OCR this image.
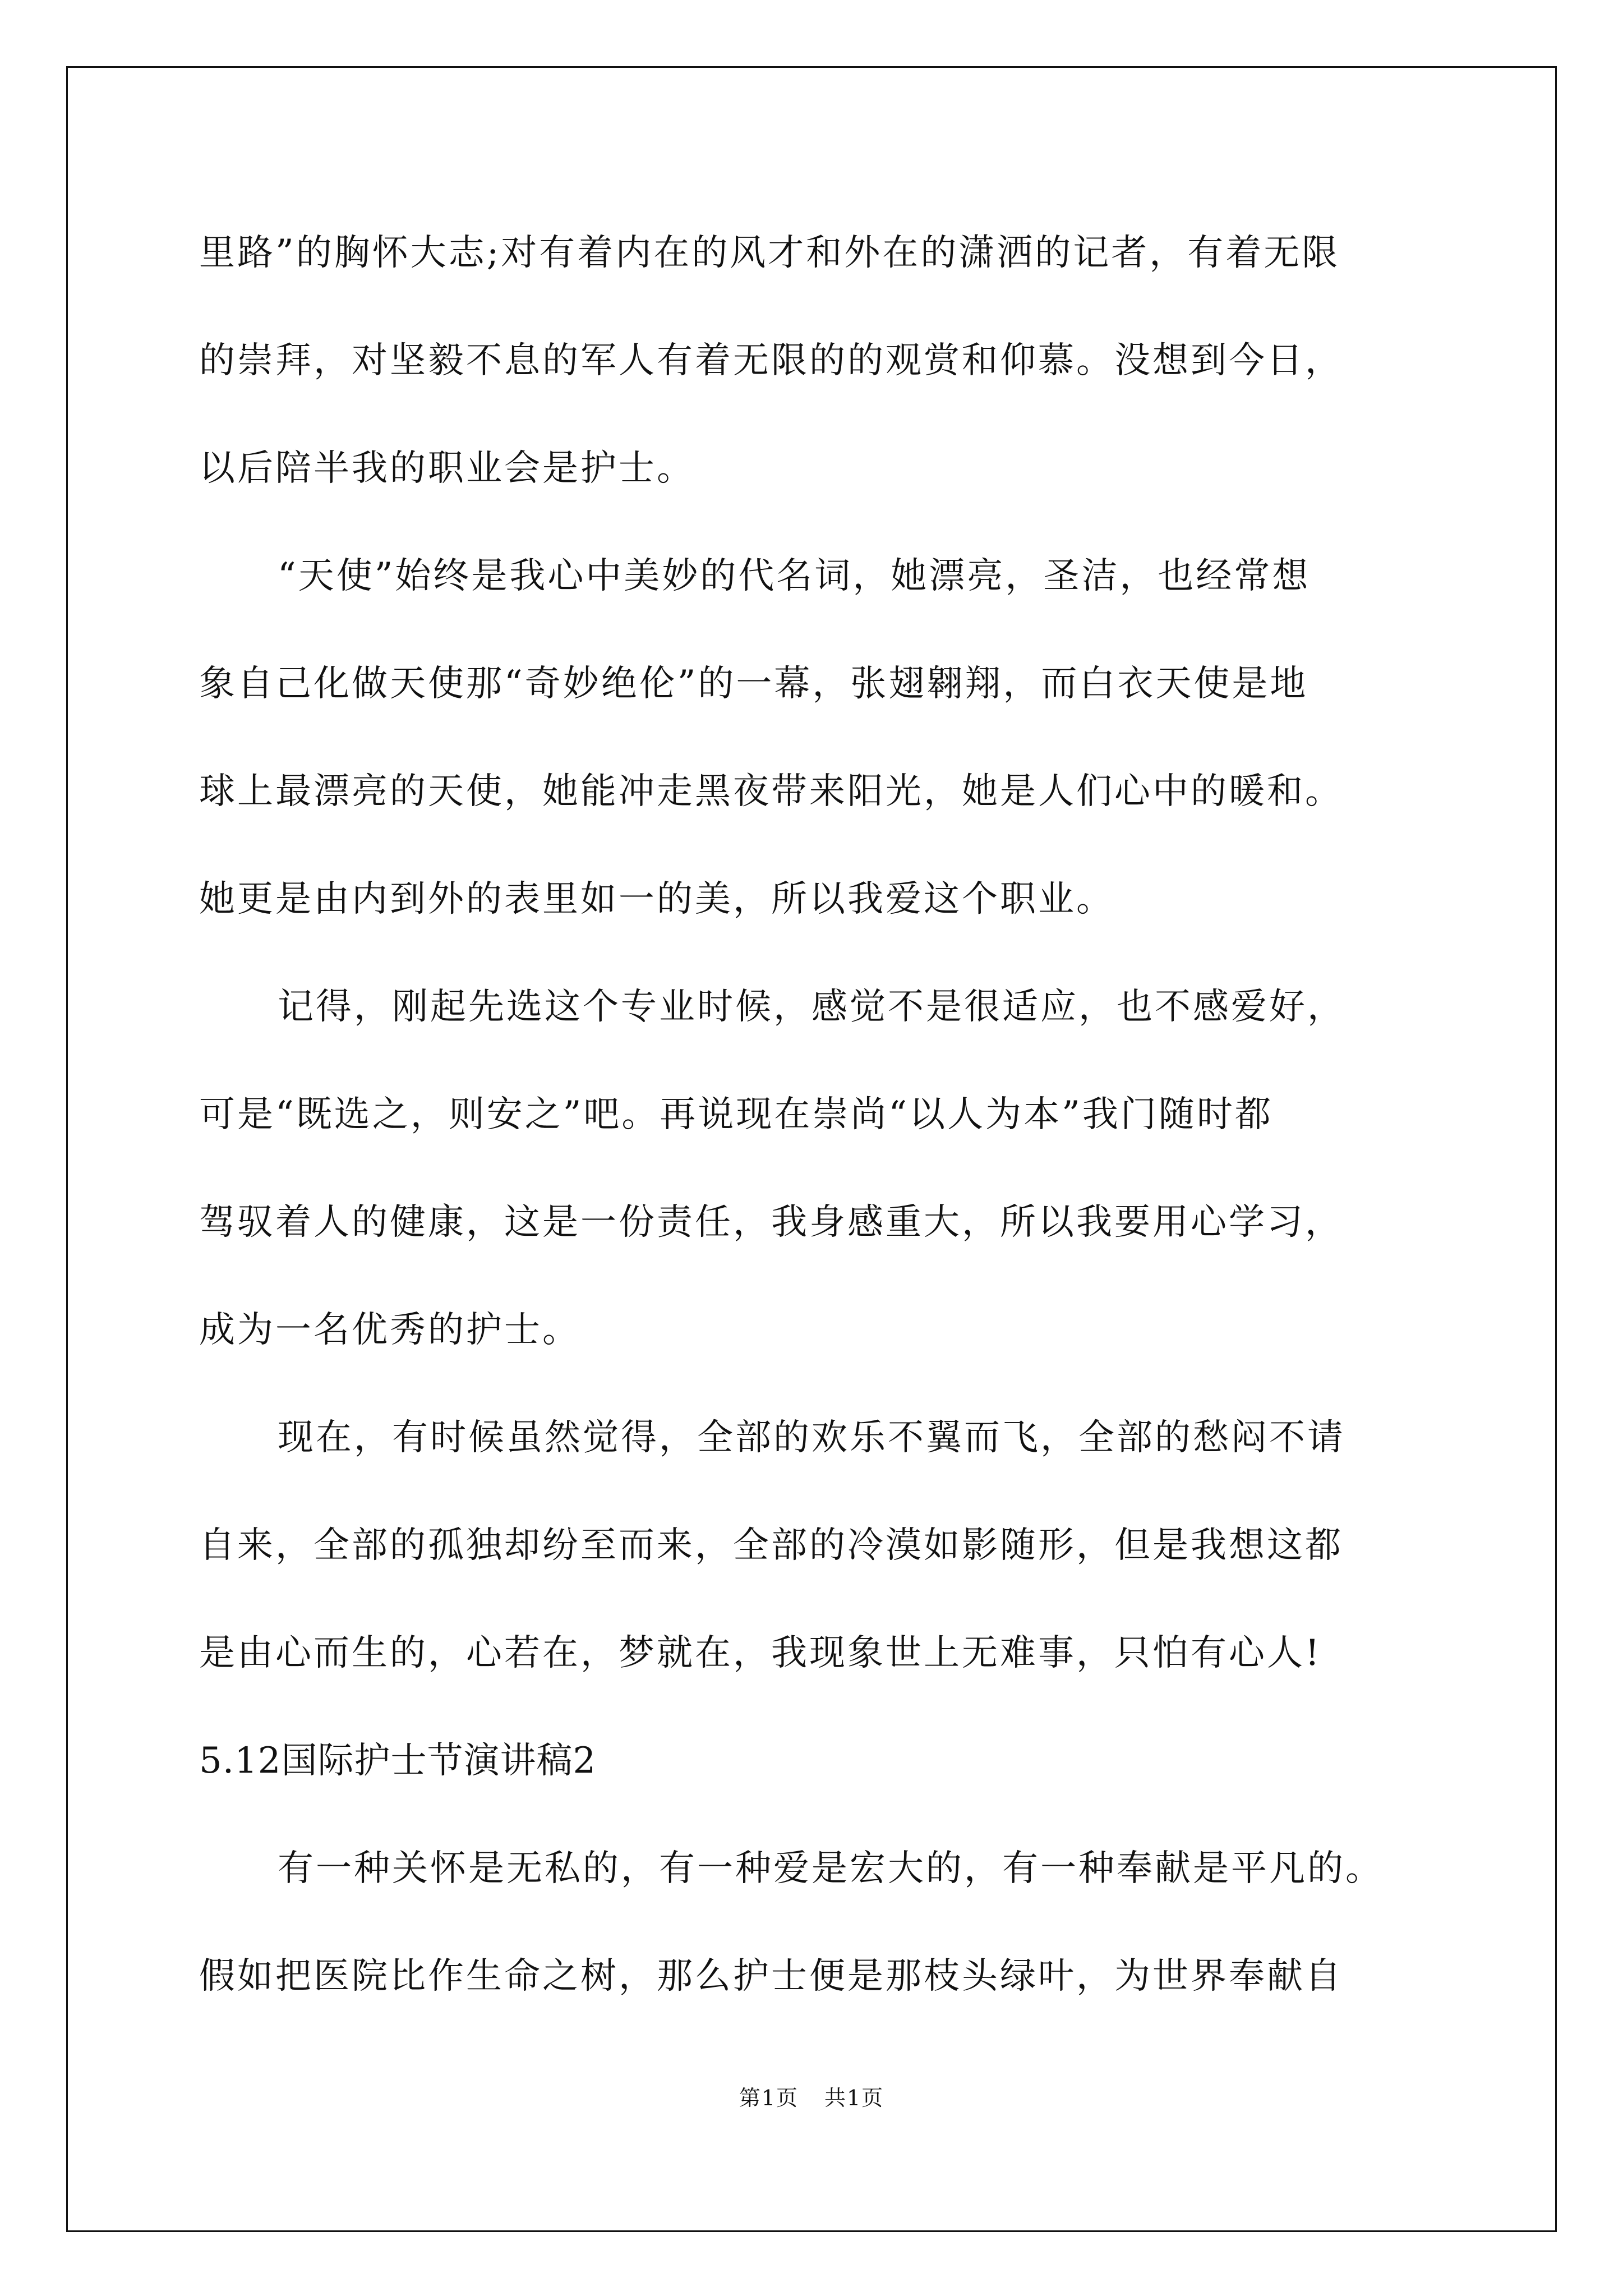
里路”的胸怀大志;对有着内在的风才和外在的潇洒的记者，有着无限
的崇拜，对坚毅不息的军人有着无限的的观赏和仰慕。没想到今日，
以后陪半我的职业会是护士。
“天使”始终是我心中美妙的代名词，她漂亮，圣洁，也经常想
象自己化做天使那“奇妙绝伦”的一幕，张翅翱翔，而白衣天使是地
球上最漂亮的天使，她能冲走黑夜带来阳光，她是人们心中的暖和。
她更是由内到外的表里如一的美，所以我爱这个职业。
记得，刚起先选这个专业时候，感觉不是很适应，也不感爱好，
可是“既选之，则安之”吧。再说现在崇尚“以人为本”我门随时都
驾驭着人的健康，这是一份责任，我身感重大，所以我要用心学习，
成为一名优秀的护士。
现在，有时候虽然觉得，全部的欢乐不翼而飞，全部的愁闷不请
自来，全部的孤独却纷至而来，全部的冷漠如影随形，但是我想这都
是由心而生的，心若在，梦就在，我现象世上无难事，只怕有心人!
5.12国际护士节演讲稿2
有一种关怀是无私的，有一种爱是宏大的，有一种奉献是平凡的。
假如把医院比作生命之树，那么护士便是那枝头绿叶，为世界奉献自
第1页 共1页
